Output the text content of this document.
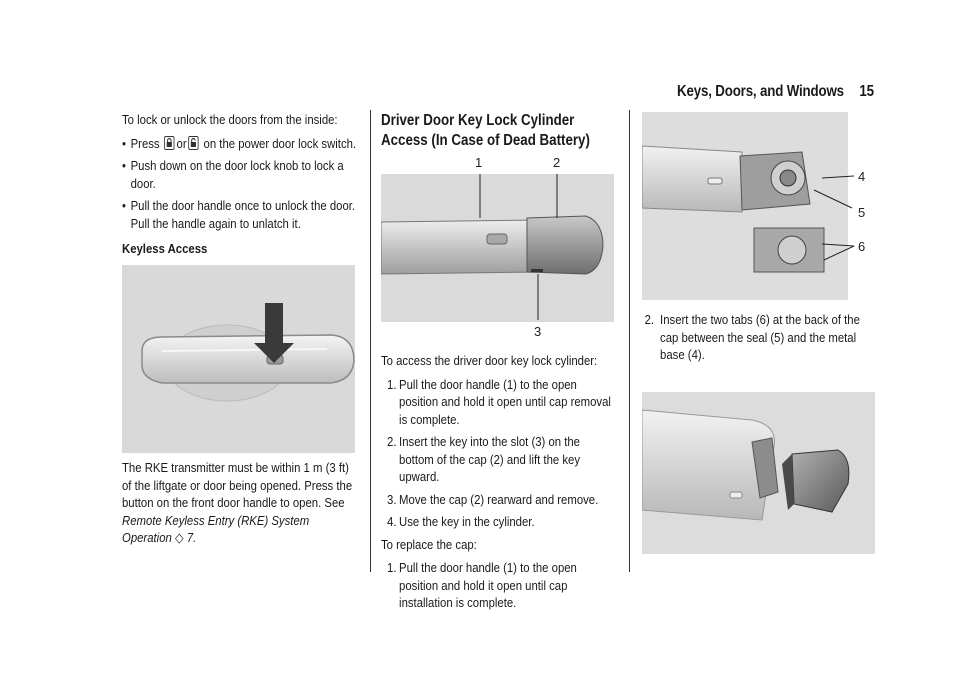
Keys, Doors, and Windows 15

To lock or unlock the doors from the inside:

• Press or on the power door lock switch.
• Push down on the door lock knob to lock a door.
• Pull the door handle once to unlock the door. Pull the handle again to unlatch it.

Keyless Access

The RKE transmitter must be within 1 m (3 ft) of the liftgate or door being opened. Press the button on the front door handle to open. See Remote Keyless Entry (RKE) System Operation ◇ 7.

Driver Door Key Lock Cylinder Access (In Case of Dead Battery)
1	2
3

To access the driver door key lock cylinder:

1. Pull the door handle (1) to the open position and hold it open until cap removal is complete.
2. Insert the key into the slot (3) on the bottom of the cap (2) and lift the key upward.
3. Move the cap (2) rearward and remove.
4. Use the key in the cylinder.

To replace the cap:

1. Pull the door handle (1) to the open position and hold it open until cap installation is complete.
4
5
6
2. Insert the two tabs (6) at the back of the cap between the seal (5) and the metal base (4).
